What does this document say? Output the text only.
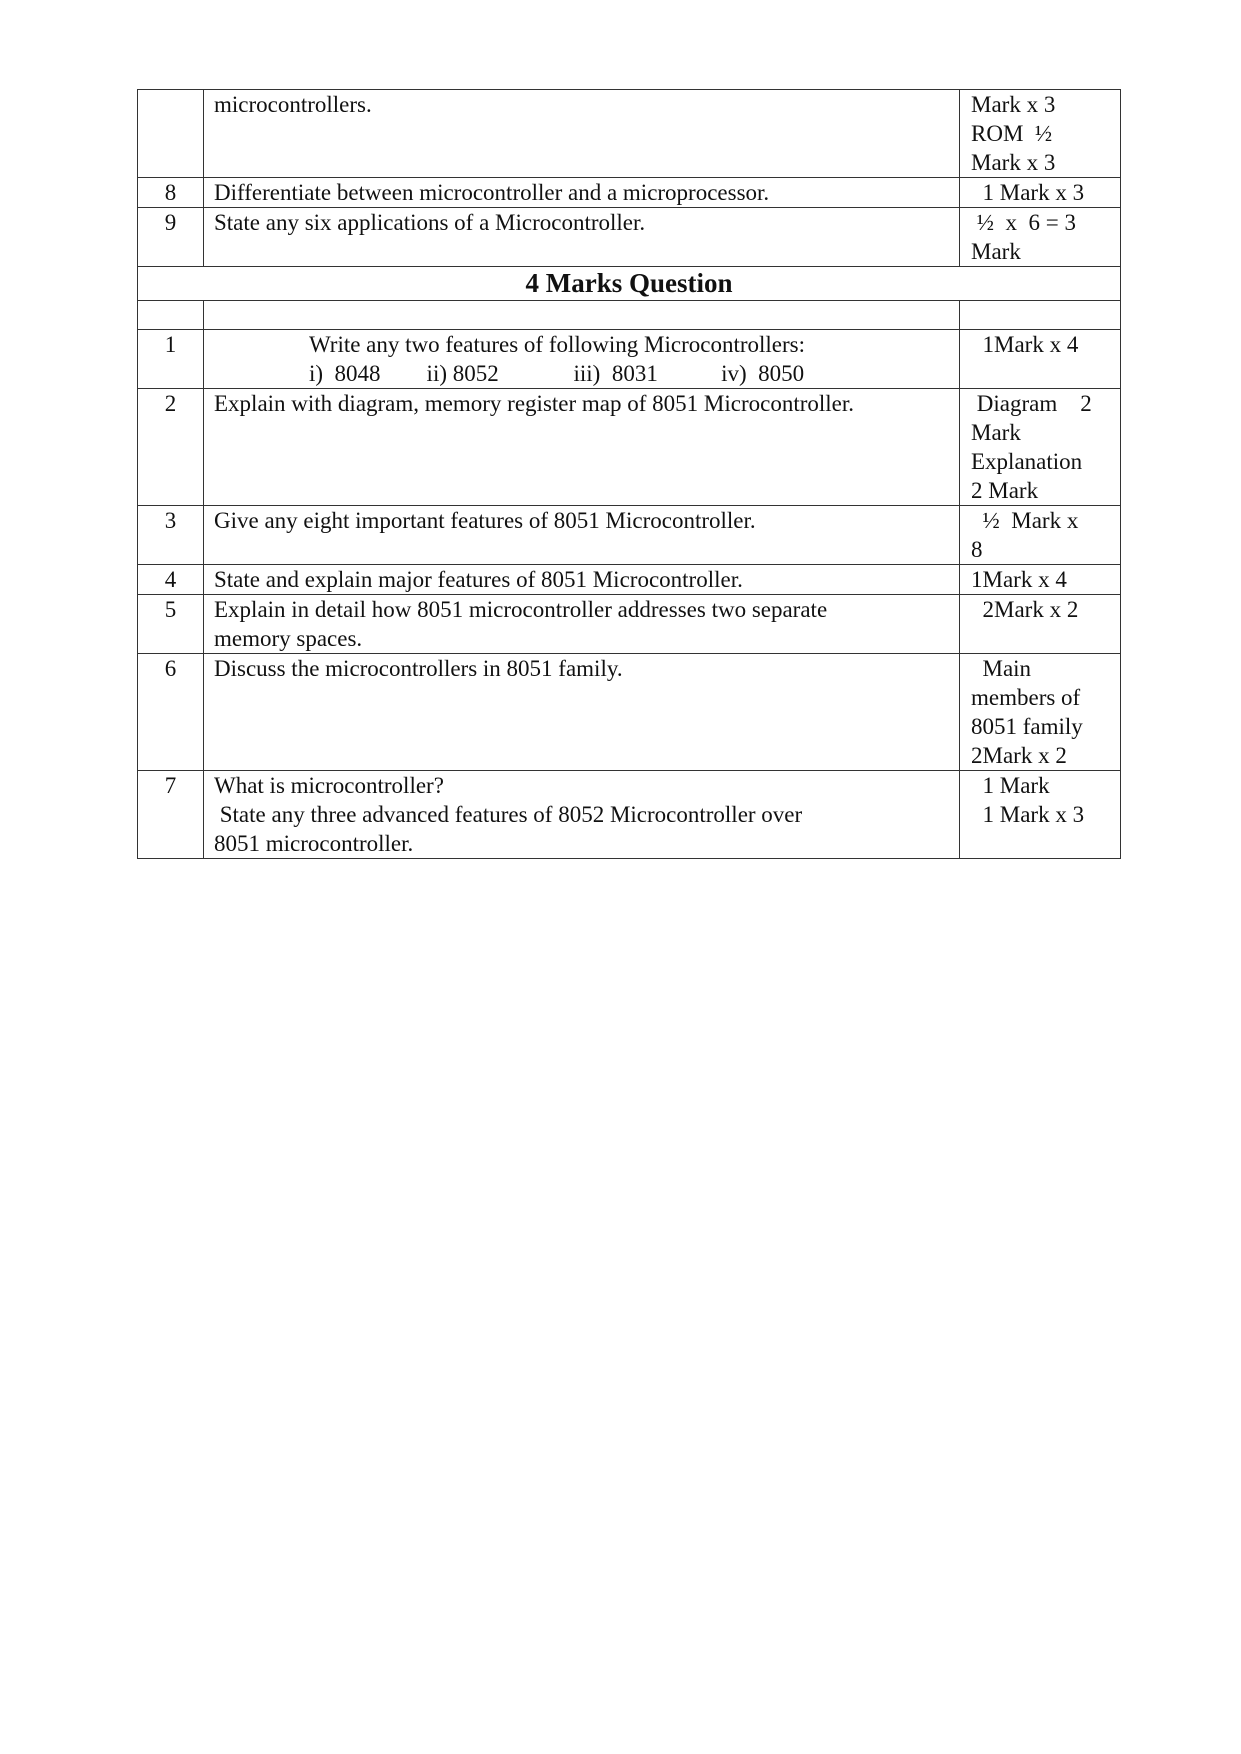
	microcontrollers.	Mark x 3
ROM  ½
Mark x 3

8	Differentiate between microcontroller and a microprocessor.	1 Mark x 3

9	State any six applications of a Microcontroller.	½  x  6 = 3
Mark

4 Marks Question		

1	Write any two features of following Microcontrollers:
i)  8048        ii) 8052             iii)  8031           iv)  8050	1Mark x 4

2	Explain with diagram, memory register map of 8051 Microcontroller.	Diagram    2
Mark
Explanation
2 Mark

3	Give any eight important features of 8051 Microcontroller.	½  Mark x
8

4	State and explain major features of 8051 Microcontroller.	1Mark x 4

5	Explain in detail how 8051 microcontroller addresses two separate
memory spaces.	2Mark x 2

6	Discuss the microcontrollers in 8051 family.	Main
members of
8051 family
2Mark x 2

7	What is microcontroller?
State any three advanced features of 8052 Microcontroller over
8051 microcontroller.	1 Mark
1 Mark x 3
